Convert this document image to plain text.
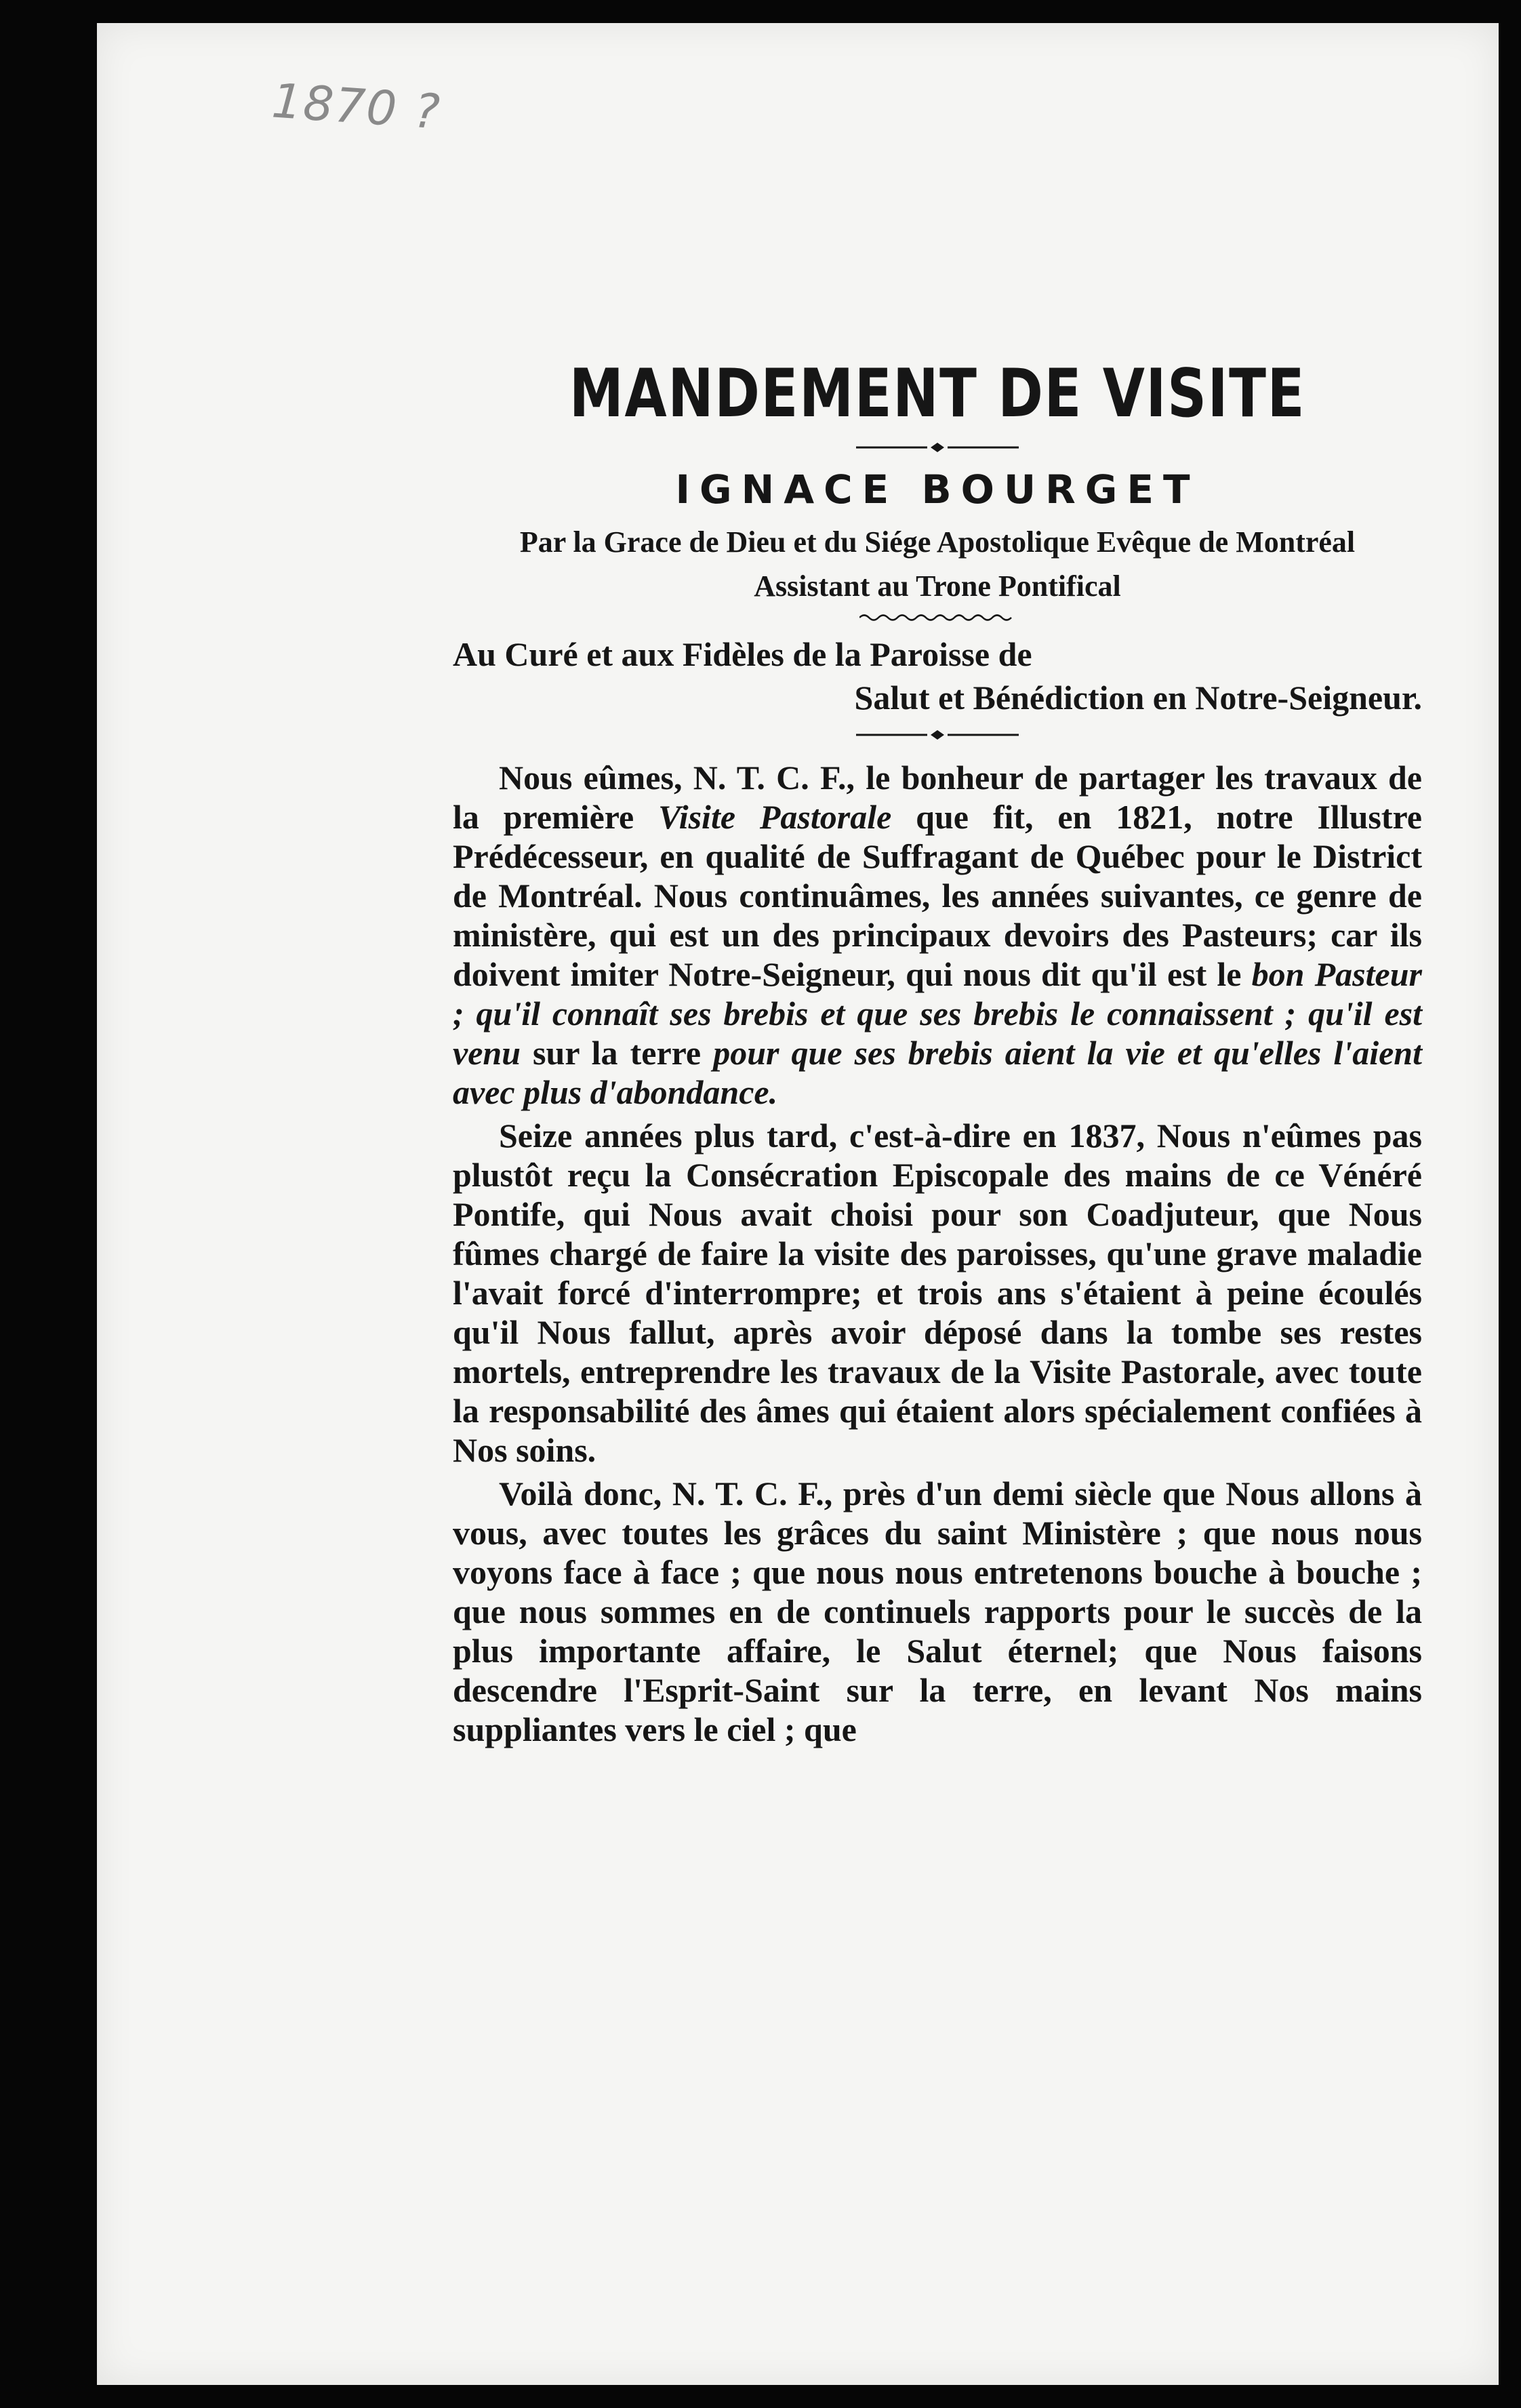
1870 ?
MANDEMENT DE VISITE
IGNACE BOURGET
Par la Grace de Dieu et du Siége Apostolique Evêque de Montréal
Assistant au Trone Pontifical
Au Curé et aux Fidèles de la Paroisse de
Salut et Bénédiction en Notre-Seigneur.

Nous eûmes, N. T. C. F., le bonheur de partager les travaux de la première Visite Pastorale que fit, en 1821, notre Illustre Prédécesseur, en qualité de Suffragant de Québec pour le District de Montréal. Nous continuâmes, les années suivantes, ce genre de ministère, qui est un des principaux devoirs des Pasteurs; car ils doivent imiter Notre-Seigneur, qui nous dit qu'il est le bon Pasteur ; qu'il connaît ses brebis et que ses brebis le connaissent ; qu'il est venu sur la terre pour que ses brebis aient la vie et qu'elles l'aient avec plus d'abondance.

Seize années plus tard, c'est-à-dire en 1837, Nous n'eûmes pas plustôt reçu la Consécration Episcopale des mains de ce Vénéré Pontife, qui Nous avait choisi pour son Coadjuteur, que Nous fûmes chargé de faire la visite des paroisses, qu'une grave maladie l'avait forcé d'interrompre; et trois ans s'étaient à peine écoulés qu'il Nous fallut, après avoir déposé dans la tombe ses restes mortels, entreprendre les travaux de la Visite Pastorale, avec toute la responsabilité des âmes qui étaient alors spécialement confiées à Nos soins.

Voilà donc, N. T. C. F., près d'un demi siècle que Nous allons à vous, avec toutes les grâces du saint Ministère ; que nous nous voyons face à face ; que nous nous entretenons bouche à bouche ; que nous sommes en de continuels rapports pour le succès de la plus importante affaire, le Salut éternel; que Nous faisons descendre l'Esprit-Saint sur la terre, en levant Nos mains suppliantes vers le ciel ; que
